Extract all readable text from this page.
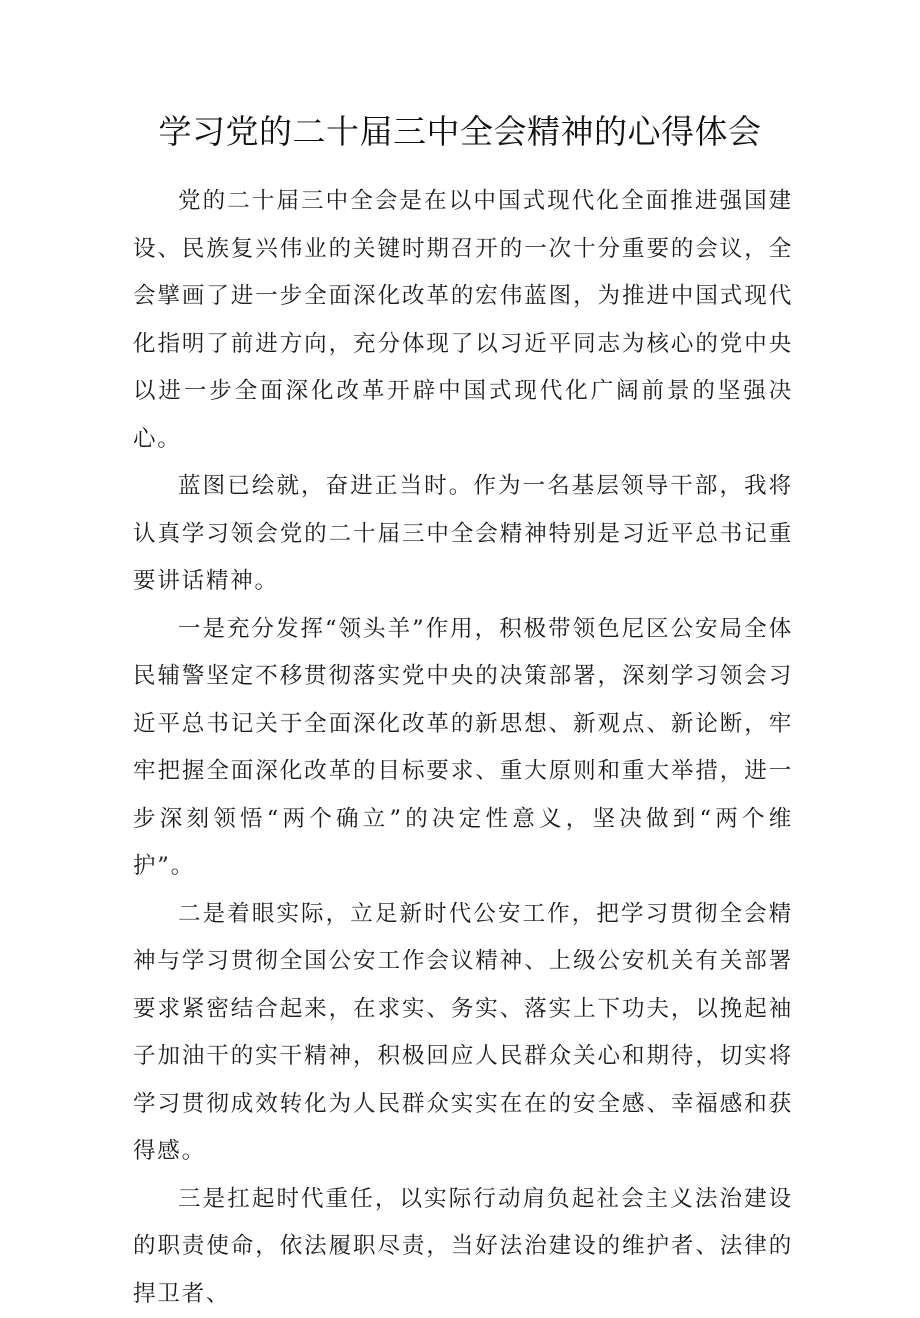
学习党的二十届三中全会精神的心得体会

党的二十届三中全会是在以中国式现代化全面推进强国建设、民族复兴伟业的关键时期召开的一次十分重要的会议，全会擘画了进一步全面深化改革的宏伟蓝图，为推进中国式现代化指明了前进方向，充分体现了以习近平同志为核心的党中央以进一步全面深化改革开辟中国式现代化广阔前景的坚强决心。

蓝图已绘就，奋进正当时。作为一名基层领导干部，我将认真学习领会党的二十届三中全会精神特别是习近平总书记重要讲话精神。

一是充分发挥“领头羊”作用，积极带领色尼区公安局全体民辅警坚定不移贯彻落实党中央的决策部署，深刻学习领会习近平总书记关于全面深化改革的新思想、新观点、新论断，牢牢把握全面深化改革的目标要求、重大原则和重大举措，进一步深刻领悟“两个确立”的决定性意义，坚决做到“两个维护”。

二是着眼实际，立足新时代公安工作，把学习贯彻全会精神与学习贯彻全国公安工作会议精神、上级公安机关有关部署要求紧密结合起来，在求实、务实、落实上下功夫，以挽起袖子加油干的实干精神，积极回应人民群众关心和期待，切实将学习贯彻成效转化为人民群众实实在在的安全感、幸福感和获得感。

三是扛起时代重任，以实际行动肩负起社会主义法治建设的职责使命，依法履职尽责，当好法治建设的维护者、法律的捍卫者、
